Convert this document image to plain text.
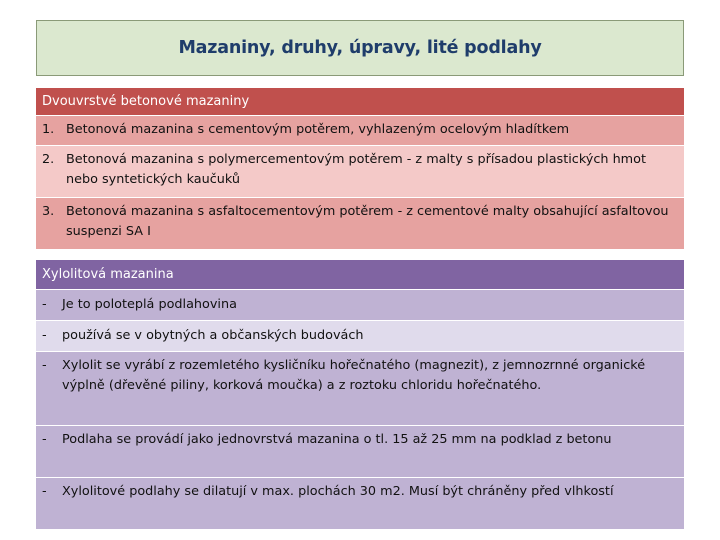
Mazaniny, druhy, úpravy, lité podlahy
Dvouvrstvé betonové mazaniny
1. Betonová mazanina s cementovým potěrem, vyhlazeným ocelovým hladítkem
2. Betonová mazanina s polymercementovým potěrem - z malty s přísadou plastických hmot nebo syntetických kaučuků
3. Betonová mazanina s asfaltocementovým potěrem - z cementové malty obsahující asfaltovou suspenzi SA I
Xylolitová mazanina
-	Je to poloteplá podlahovina
-	používá se v obytných a občanských budovách
-	Xylolit se vyrábí z rozemletého kysličníku hořečnatého (magnezit), z jemnozrnné organické výplně (dřevěné piliny, korková moučka) a z roztoku chloridu hořečnatého.
-	Podlaha se provádí jako jednovrstvá mazanina o tl. 15 až 25 mm na podklad z betonu
-	Xylolitové podlahy se dilatují v max. plochách 30 m2. Musí být chráněny před vlhkostí
